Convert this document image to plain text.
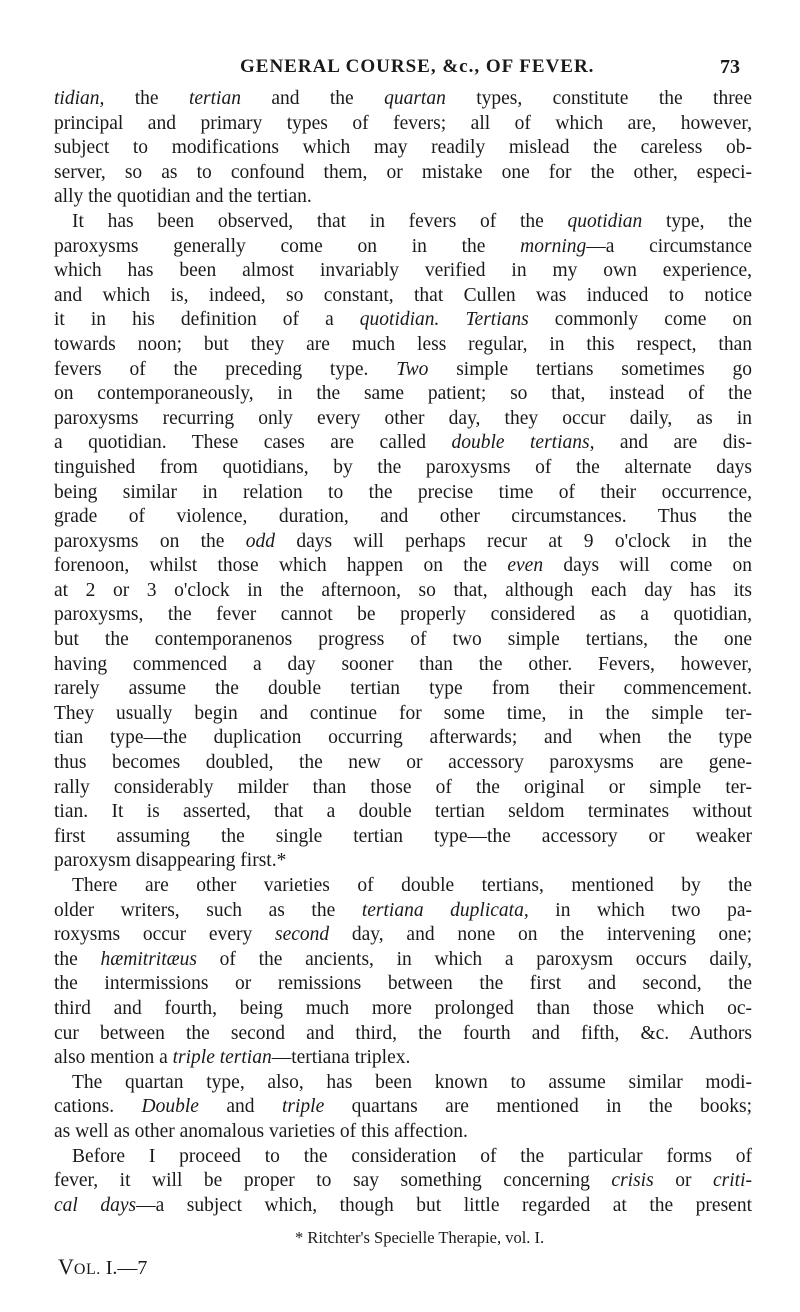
GENERAL COURSE, &c., OF FEVER.	73
tidian, the tertian and the quartan types, constitute the three
principal and primary types of fevers; all of which are, however,
subject to modifications which may readily mislead the careless ob-
server, so as to confound them, or mistake one for the other, especi-
ally the quotidian and the tertian.
It has been observed, that in fevers of the quotidian type, the
paroxysms generally come on in the morning—a circumstance
which has been almost invariably verified in my own experience,
and which is, indeed, so constant, that Cullen was induced to notice
it in his definition of a quotidian. Tertians commonly come on
towards noon; but they are much less regular, in this respect, than
fevers of the preceding type. Two simple tertians sometimes go
on contemporaneously, in the same patient; so that, instead of the
paroxysms recurring only every other day, they occur daily, as in
a quotidian. These cases are called double tertians, and are dis-
tinguished from quotidians, by the paroxysms of the alternate days
being similar in relation to the precise time of their occurrence,
grade of violence, duration, and other circumstances. Thus the
paroxysms on the odd days will perhaps recur at 9 o'clock in the
forenoon, whilst those which happen on the even days will come on
at 2 or 3 o'clock in the afternoon, so that, although each day has its
paroxysms, the fever cannot be properly considered as a quotidian,
but the contemporanenos progress of two simple tertians, the one
having commenced a day sooner than the other. Fevers, however,
rarely assume the double tertian type from their commencement.
They usually begin and continue for some time, in the simple ter-
tian type—the duplication occurring afterwards; and when the type
thus becomes doubled, the new or accessory paroxysms are gene-
rally considerably milder than those of the original or simple ter-
tian. It is asserted, that a double tertian seldom terminates without
first assuming the single tertian type—the accessory or weaker
paroxysm disappearing first.*
There are other varieties of double tertians, mentioned by the
older writers, such as the tertiana duplicata, in which two pa-
roxysms occur every second day, and none on the intervening one;
the hæmitritæus of the ancients, in which a paroxysm occurs daily,
the intermissions or remissions between the first and second, the
third and fourth, being much more prolonged than those which oc-
cur between the second and third, the fourth and fifth, &c. Authors
also mention a triple tertian—tertiana triplex.
The quartan type, also, has been known to assume similar modi-
cations. Double and triple quartans are mentioned in the books;
as well as other anomalous varieties of this affection.
Before I proceed to the consideration of the particular forms of
fever, it will be proper to say something concerning crisis or criti-
cal days—a subject which, though but little regarded at the present
* Ritchter's Specielle Therapie, vol. I.
VOL. I.—7
